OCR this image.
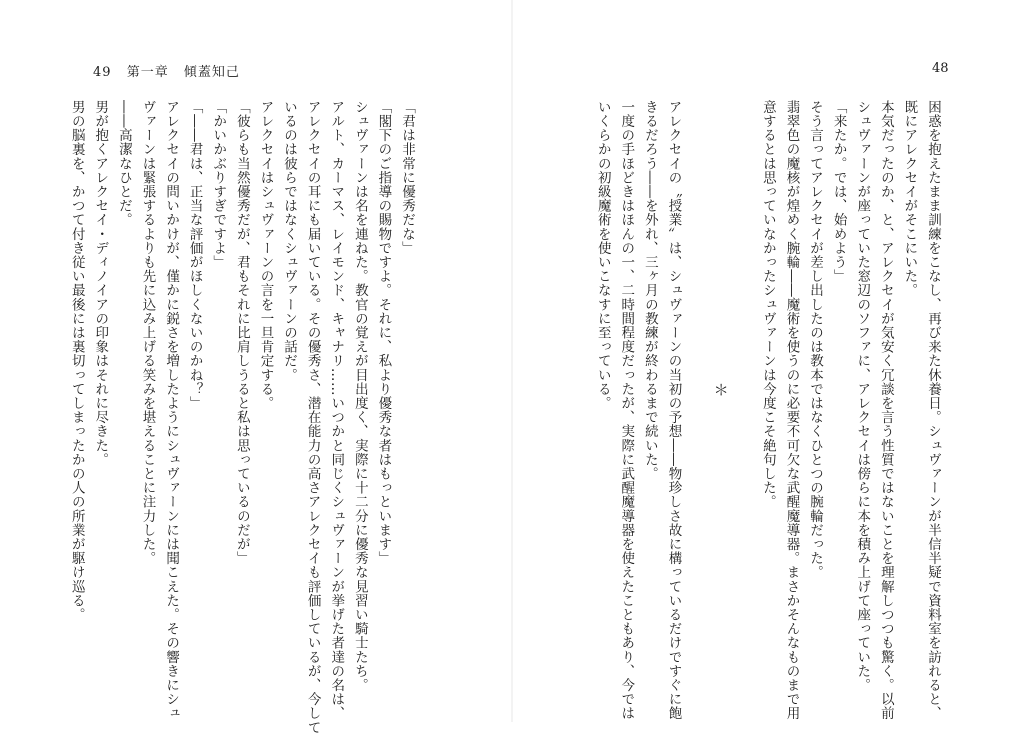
49 第一章 傾蓋知己	48
困惑を抱えたまま訓練をこなし、再び来た休養日。シュヴァーンが半信半疑で資料室を訪れると、
既にアレクセイがそこにいた。
本気だったのか、と、アレクセイが気安く冗談を言う性質ではないことを理解しつつも驚く。以前
シュヴァーンが座っていた窓辺のソファに、アレクセイは傍らに本を積み上げて座っていた。
「来たか。では、始めよう」
そう言ってアレクセイが差し出したのは教本ではなくひとつの腕輪だった。
翡翠色の魔核が煌めく腕輪――魔術を使うのに必要不可欠な武醒魔導器。まさかそんなものまで用
意するとは思っていなかったシュヴァーンは今度こそ絶句した。

＊

アレクセイの〝授業〟は、シュヴァーンの当初の予想――物珍しさ故に構っているだけですぐに飽
きるだろう――を外れ、三ヶ月の教練が終わるまで続いた。
一度の手ほどきはほんの一、二時間程度だったが、実際に武醒魔導器を使えたこともあり、今では
いくらかの初級魔術を使いこなすに至っている。
「君は非常に優秀だな」
「閣下のご指導の賜物ですよ。それに、私より優秀な者はもっといます」
シュヴァーンは名を連ねた。教官の覚えが目出度く、実際に十二分に優秀な見習い騎士たち。
アルト、カーマス、レイモンド、キャナリ……いつかと同じくシュヴァーンが挙げた者達の名は、
アレクセイの耳にも届いている。その優秀さ、潜在能力の高さアレクセイも評価しているが、今して
いるのは彼らではなくシュヴァーンの話だ。
アレクセイはシュヴァーンの言を一旦肯定する。
「彼らも当然優秀だが、君もそれに比肩しうると私は思っているのだが」
「かいかぶりすぎですよ」
「――君は、正当な評価がほしくないのかね？」
アレクセイの問いかけが、僅かに鋭さを増したようにシュヴァーンには聞こえた。その響きにシュ
ヴァーンは緊張するよりも先に込み上げる笑みを堪えることに注力した。
――高潔なひとだ。
男が抱くアレクセイ・ディノイアの印象はそれに尽きた。
男の脳裏を、かつて付き従い最後には裏切ってしまったかの人の所業が駆け巡る。
